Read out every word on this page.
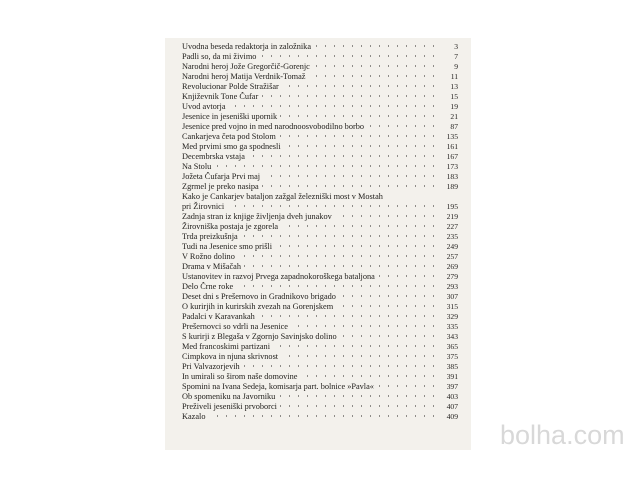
Uvodna beseda redaktorja in založnika	3
Padli so, da mi živimo	7
Narodni heroj Jože Gregorčič-Gorenjc	9
Narodni heroj Matija Verdnik-Tomaž	11
Revolucionar Polde Stražišar	13
Književnik Tone Čufar	15
Uvod avtorja	19
Jesenice in jeseniški upornik	21
Jesenice pred vojno in med narodnoosvobodilno borbo	87
Cankarjeva četa pod Stolom	135
Med prvimi smo ga spodnesli	161
Decembrska vstaja	167
Na Stolu	173
Jožeta Čufarja Prvi maj	183
Zgrmel je preko nasipa	189
Kako je Cankarjev bataljon zažgal železniški most v Mostah
pri Žirovnici	195
Zadnja stran iz knjige življenja dveh junakov	219
Žirovniška postaja je zgorela	227
Trda preizkušnja	235
Tudi na Jesenice smo prišli	249
V Rožno dolino	257
Drama v Mišačah	269
Ustanovitev in razvoj Prvega zapadnokoroškega bataljona	279
Delo Črne roke	293
Deset dni s Prešernovo in Gradnikovo brigado	307
O kurirjih in kurirskih zvezah na Gorenjskem	315
Padalci v Karavankah	329
Prešernovci so vdrli na Jesenice	335
S kurirji z Blegaša v Zgornjo Savinjsko dolino	343
Med francoskimi partizani	365
Cimpkova in njuna skrivnost	375
Pri Valvazorjevih	385
In umirali so širom naše domovine	391
Spomini na Ivana Sedeja, komisarja part. bolnice »Pavla«	397
Ob spomeniku na Javorniku	403
Preživeli jeseniški prvoborci	407
Kazalo	409
bolha.com
